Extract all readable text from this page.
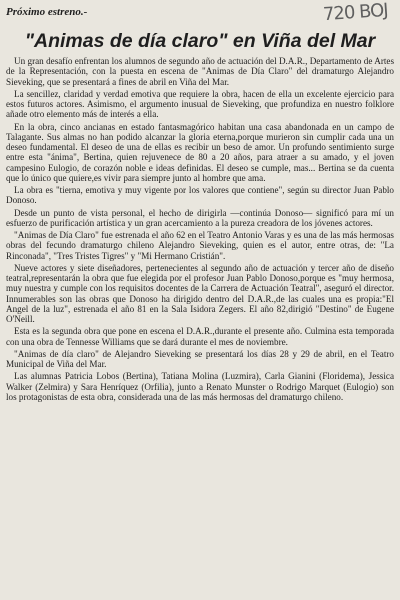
Próximo estreno.-	720 BOJ
"Animas de día claro" en Viña del Mar

Un gran desafío enfrentan los alumnos de segundo año de actuación del D.A.R., Departamento de Artes de la Representación, con la puesta en escena de "Animas de Día Claro" del dramaturgo Alejandro Sieveking, que se presentará a fines de abril en Viña del Mar.

La sencillez, claridad y verdad emotiva que requiere la obra, hacen de ella un excelente ejercicio para estos futuros actores. Asimismo, el argumento inusual de Sieveking, que profundiza en nuestro folklore añade otro elemento más de interés a ella.

En la obra, cinco ancianas en estado fantasmagórico habitan una casa abandonada en un campo de Talagante. Sus almas no han podido alcanzar la gloria eterna,porque murieron sin cumplir cada una un deseo fundamental. El deseo de una de ellas es recibir un beso de amor. Un profundo sentimiento surge entre esta "ánima", Bertina, quien rejuvenece de 80 a 20 años, para atraer a su amado, y el joven campesino Eulogio, de corazón noble e ideas definidas. El deseo se cumple, mas... Bertina se da cuenta que lo único que quiere,es vivir para siempre junto al hombre que ama.

La obra es "tierna, emotiva y muy vigente por los valores que contiene", según su director Juan Pablo Donoso.

Desde un punto de vista personal, el hecho de dirigirla —continúa Donoso— significó para mí un esfuerzo de purificación artística y un gran acercamiento a la pureza creadora de los jóvenes actores.

"Animas de Día Claro" fue estrenada el año 62 en el Teatro Antonio Varas y es una de las más hermosas obras del fecundo dramaturgo chileno Alejandro Sieveking, quien es el autor, entre otras, de: "La Rinconada", "Tres Tristes Tigres" y "Mi Hermano Cristián".

Nueve actores y siete diseñadores, pertenecientes al segundo año de actuación y tercer año de diseño teatral,representarán la obra que fue elegida por el profesor Juan Pablo Donoso,porque es "muy hermosa, muy nuestra y cumple con los requisitos docentes de la Carrera de Actuación Teatral", aseguró el director. Innumerables son las obras que Donoso ha dirigido dentro del D.A.R.,de las cuales una es propia:"El Angel de la luz", estrenada el año 81 en la Sala Isidora Zegers. El año 82,dirigió "Destino" de Eugene O'Neill.

Esta es la segunda obra que pone en escena el D.A.R.,durante el presente año. Culmina esta temporada con una obra de Tennesse Williams que se dará durante el mes de noviembre.

"Animas de día claro" de Alejandro Sieveking se presentará los días 28 y 29 de abril, en el Teatro Municipal de Viña del Mar.

Las alumnas Patricia Lobos (Bertina), Tatiana Molina (Luzmira), Carla Gianini (Floridema), Jessica Walker (Zelmira) y Sara Henríquez (Orfilia), junto a Renato Munster o Rodrigo Marquet (Eulogio) son los protagonistas de esta obra, considerada una de las más hermosas del dramaturgo chileno.
